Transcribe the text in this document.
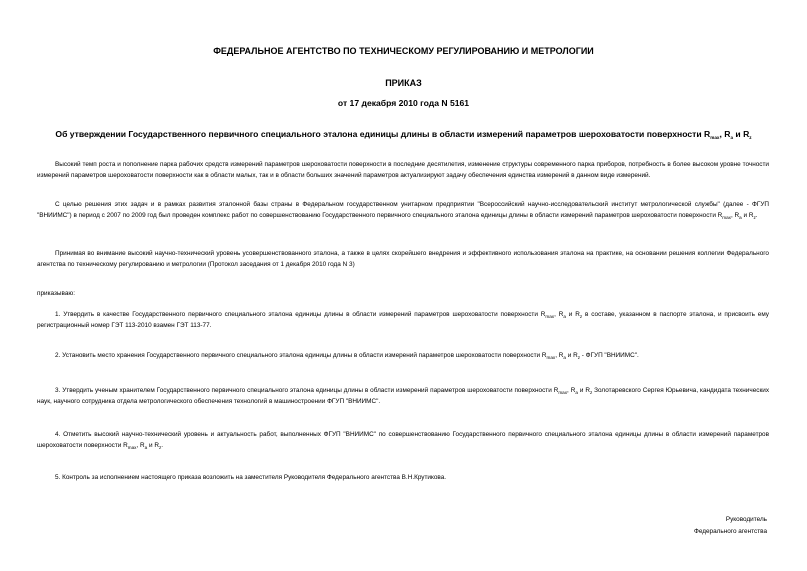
ФЕДЕРАЛЬНОЕ АГЕНТСТВО ПО ТЕХНИЧЕСКОМУ РЕГУЛИРОВАНИЮ И МЕТРОЛОГИИ
ПРИКАЗ
от 17 декабря 2010 года N 5161
Об утверждении Государственного первичного специального эталона единицы длины в области измерений параметров шероховатости поверхности $R_{max}$, $R_a$ и $R_z$
Высокий темп роста и пополнение парка рабочих средств измерений параметров шероховатости поверхности в последние десятилетия, изменение структуры современного парка приборов, потребность в более высоком уровне точности измерений параметров шероховатости поверхности как в области малых, так и в области больших значений параметров актуализируют задачу обеспечения единства измерений в данном виде измерений.
С целью решения этих задач и в рамках развития эталонной базы страны в Федеральном государственном унитарном предприятии "Всероссийский научно-исследовательский институт метрологической службы" (далее - ФГУП "ВНИИМС") в период с 2007 по 2009 год был проведен комплекс работ по совершенствованию Государственного первичного специального эталона единицы длины в области измерений параметров шероховатости поверхности $R_{max}$, $R_a$ и $R_z$.
Принимая во внимание высокий научно-технический уровень усовершенствованного эталона, а также в целях скорейшего внедрения и эффективного использования эталона на практике, на основании решения коллегии Федерального агентства по техническому регулированию и метрологии (Протокол заседания от 1 декабря 2010 года N 3)
приказываю:
1. Утвердить в качестве Государственного первичного специального эталона единицы длины в области измерений параметров шероховатости поверхности $R_{max}$, $R_a$ и $R_z$ в составе, указанном в паспорте эталона, и присвоить ему регистрационный номер ГЭТ 113-2010 взамен ГЭТ 113-77.
2. Установить место хранения Государственного первичного специального эталона единицы длины в области измерений параметров шероховатости поверхности $R_{max}$, $R_a$ и $R_z$ - ФГУП "ВНИИМС".
3. Утвердить ученым хранителем Государственного первичного специального эталона единицы длины в области измерений параметров шероховатости поверхности $R_{max}$, $R_a$ и $R_z$ Золотаревского Сергея Юрьевича, кандидата технических наук, научного сотрудника отдела метрологического обеспечения технологий в машиностроении ФГУП "ВНИИМС".
4. Отметить высокий научно-технический уровень и актуальность работ, выполненных ФГУП "ВНИИМС" по совершенствованию Государственного первичного специального эталона единицы длины в области измерений параметров шероховатости поверхности $R_{max}$, $R_a$ и $R_z$.
5. Контроль за исполнением настоящего приказа возложить на заместителя Руководителя Федерального агентства В.Н.Крутикова.
Руководитель
Федерального агентства
